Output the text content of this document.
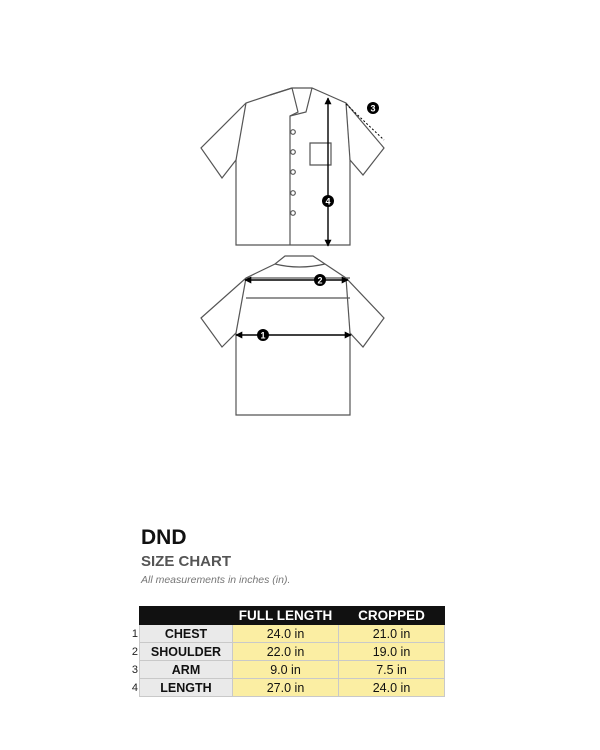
4
3
2
1
DND
SIZE CHART
All measurements in inches (in).
		FULL LENGTH	CROPPED
1	CHEST	24.0 in	21.0 in
2	SHOULDER	22.0 in	19.0 in
3	ARM	9.0 in	7.5 in
4	LENGTH	27.0 in	24.0 in
